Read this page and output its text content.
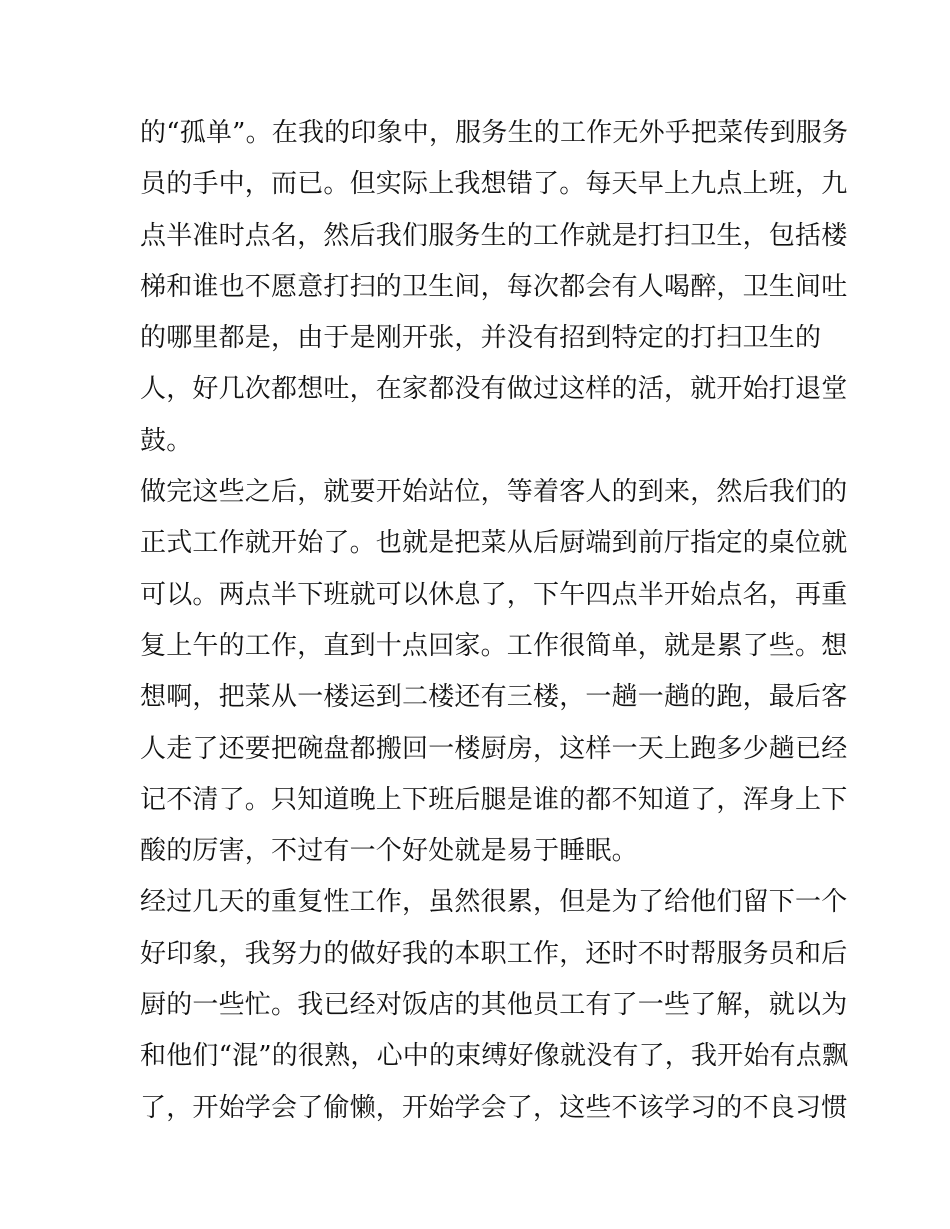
的“孤单”。在我的印象中，服务生的工作无外乎把菜传到服务
员的手中，而已。但实际上我想错了。每天早上九点上班，九
点半准时点名，然后我们服务生的工作就是打扫卫生，包括楼
梯和谁也不愿意打扫的卫生间，每次都会有人喝醉，卫生间吐
的哪里都是，由于是刚开张，并没有招到特定的打扫卫生的
人，好几次都想吐，在家都没有做过这样的活，就开始打退堂
鼓。
做完这些之后，就要开始站位，等着客人的到来，然后我们的
正式工作就开始了。也就是把菜从后厨端到前厅指定的桌位就
可以。两点半下班就可以休息了，下午四点半开始点名，再重
复上午的工作，直到十点回家。工作很简单，就是累了些。想
想啊，把菜从一楼运到二楼还有三楼，一趟一趟的跑，最后客
人走了还要把碗盘都搬回一楼厨房，这样一天上跑多少趟已经
记不清了。只知道晚上下班后腿是谁的都不知道了，浑身上下
酸的厉害，不过有一个好处就是易于睡眠。
经过几天的重复性工作，虽然很累，但是为了给他们留下一个
好印象，我努力的做好我的本职工作，还时不时帮服务员和后
厨的一些忙。我已经对饭店的其他员工有了一些了解，就以为
和他们“混”的很熟，心中的束缚好像就没有了，我开始有点飘
了，开始学会了偷懒，开始学会了，这些不该学习的不良习惯
